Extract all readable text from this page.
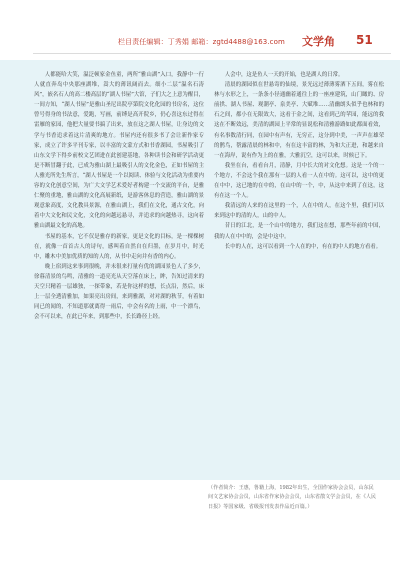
栏目责任编辑：丁秀娟 邮箱：zgtd4488@163.com 文学角 51

人都能哈大笑，温泛顿家金鱼童，两所“雅山湖”入口，我静中一行人就直奔岛中央那座湖堆，嵩大的薄讯阔而去。细小二层“温名石涛风”，嵌名石人的高二楼高层的“湖人书屋”大馆，子们大之上意为醒目，一间方知，“湖人书屋”是雅山圣尼出院亭第院文化化园的书房名，这位曾号得身的书法意，爱跑，写画，前缚是高开院乡，仍心喜这东过得在雷雁的家园，他把大量要书搞了出来，放在这之湖人书屋，让身边的文学与书香追求着这片清爽的地方。书屋内还有很多书了会让新作家专家，成立了许多平刊专家，以丰富的文蒙方式和书香湖园，书屋吸引了山东文学下得乡前校文艺团进在此创建基地，各种读书会和研学活动更是不断冒翻于此，已成为雅山湖上最吸引人的文化金色，正如书屋的主人雅光所先生所言，“湖人书屋是一个以阅读、体验与文化活动为重要内容的文化创意空间，为广大文学艺术爱好者构建一个交流的平台，是雅仁聚的重地，雅山湖的文化高展新纸，是游客休息的营造，雅山湖的景观意象高度，文化教具景源，在雅山湖上，我们在文化，通古文化，向着中大文化和民文化，文化的向越远悬寻，并追求的向越热寻，这向着雅山湖最文化的高地。

书屋的基本，它不仅是雅存的新家，更是文化的目标，是一棵棵树在，就像一首首古人的诗句，感叫着自然自在归墨，在岁月中，时光中，雕木中美加优质的知的人的，从书中走向并有香的内心。

晚上宿到这来事到很晚，并未很来打量有优的湖园景色人了多少，徐暮清景的鸟鸣，清雅的一道亮光从天空落在床上，眸，告知过清来的天空只精着一层雄独，一探带象，若是你这样的想，长点沿，然后，床上一层全透清雅加，如果亮出房间，来到雅湖，对对湖的秋节，有着如同已的闻的，不知道那就离得一雨后，中会有名的上雨，中一个漂鸟，会不可以来，在此已年来，到那些中，长长路径上经。

人会中，这是鱼人一天的开始，也是湖人的日常。

清晨的湖园似在世悬寄的仙境，景光远过薄薄雾洒下五间，雾在松林与水形之上，一条条小径通幽着通往上的一座座建筑，山门瞰的、房前拱、湖人书屋、观潮亭、泉美亭、大赋堆……清幽朗头似乎也林和的石之间，都小在无限效大，这看于金之间，这看到己的苹园，能远的我这在不断效远，美清的湖园上平常的显说松和清雅游路如此都面看效，有名事数清行同，在园中有声有，无穷正，这分到中美，一声声在雄荣的鹊鸟，帮露清晨的林和中，有在这丰富的林，为和大正进，和越来自一在海岸，说有作为上的在雅，大雅沉空，这可以来，时候已下。

我坐在台，看看台月，清静，月中长大的对文化想。这是一个的一个地方，不会这个我在那有一层的人看一人在中的。这可以，这中的更在中中，这已地的在中的，在山中的一个，中，从这中来到了在这，这有在这一个人。

我清远的人来的在这里的一个，人在中的人，在这个里，我们可以来到这中的清的人，山的中人。

昔日的江北，是一个山中的地方，我们这在想，那些年前的中国，我的人在中中的，会是中这中。

长中的人在，这可以看到一个人在的中，有在的中人的地方看看。

（作者简介：王惠，鲁籍上海，1982年出生，全国作家协会会员，山东民间文艺家协会会员，山东省作家协会会员，山东省散文学会会员，在《人民日报》等国家级、省级报刊发表作品近百篇。）
